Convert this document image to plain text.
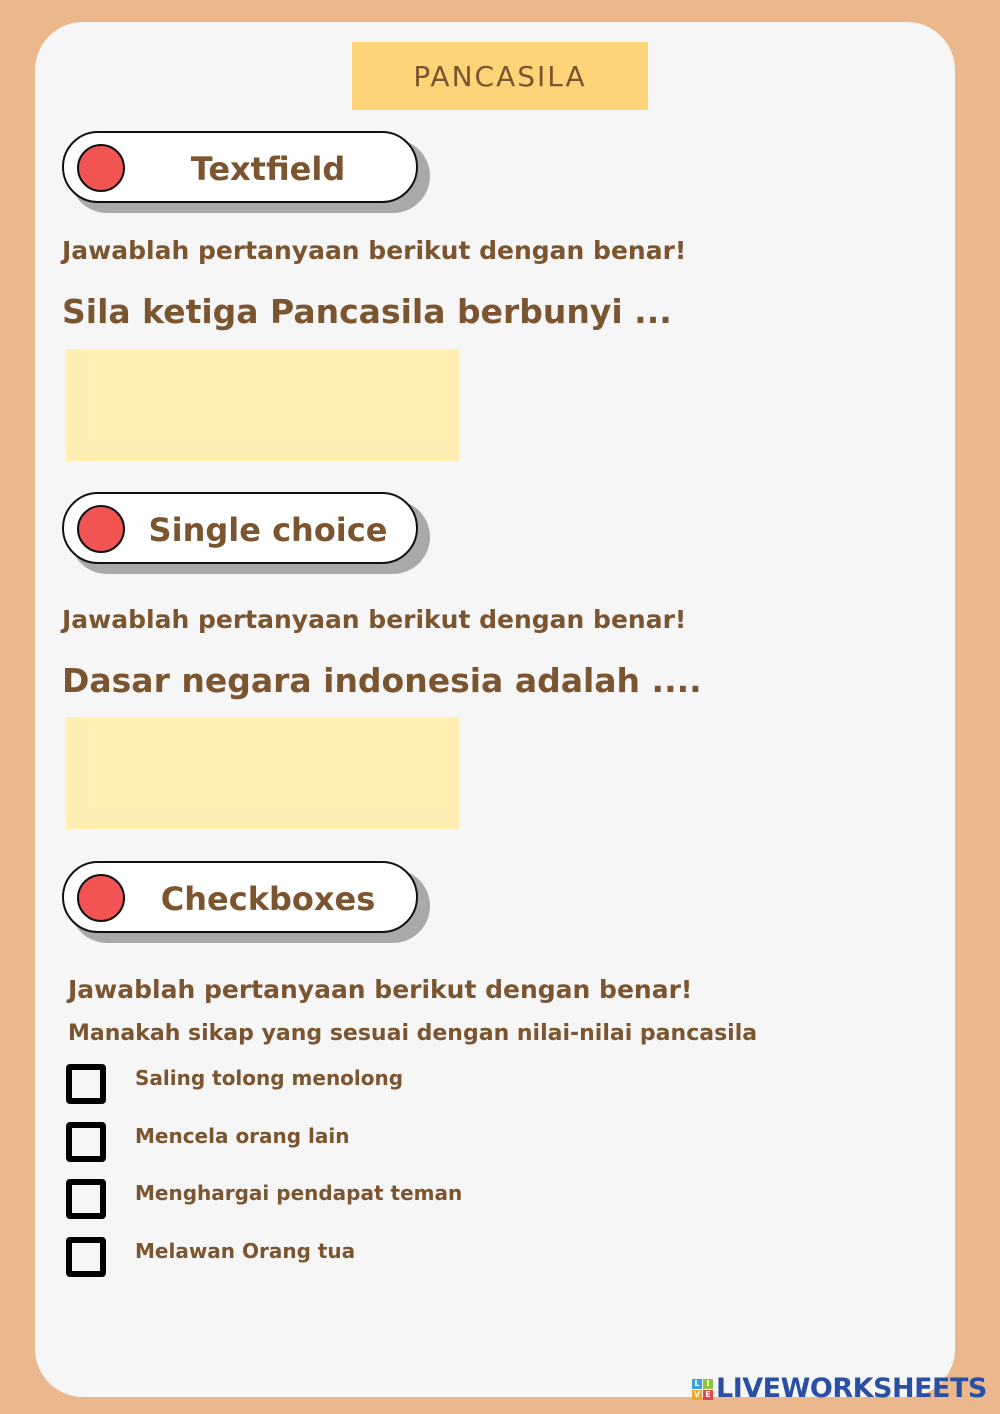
PANCASILA
Textfield
Jawablah pertanyaan berikut dengan benar!
Sila ketiga Pancasila berbunyi ...
Single choice
Jawablah pertanyaan berikut dengan benar!
Dasar negara indonesia adalah ....
Checkboxes
Jawablah pertanyaan berikut dengan benar!
Manakah sikap yang sesuai dengan nilai-nilai pancasila
Saling tolong menolong
Mencela orang lain
Menghargai pendapat teman
Melawan Orang tua
L I
V E LIVEWORKSHEETS
